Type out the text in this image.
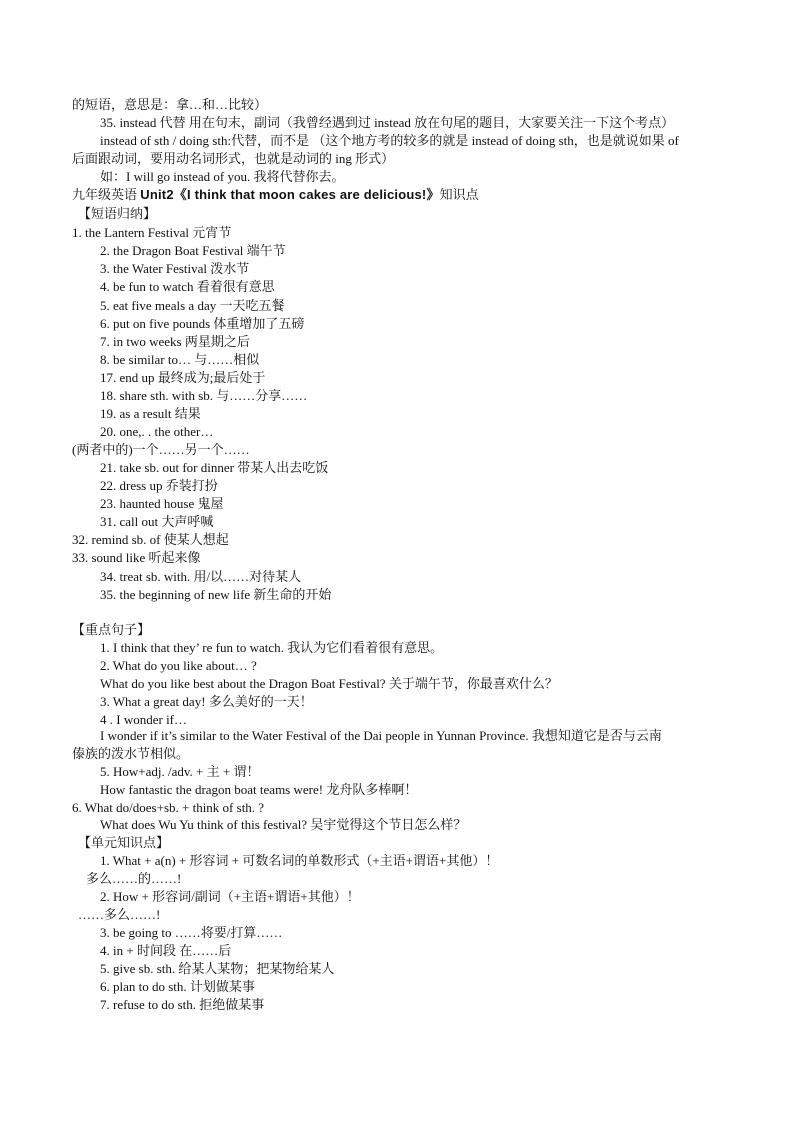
的短语，意思是：拿…和…比较）
35. instead 代替 用在句末，副词（我曾经遇到过 instead 放在句尾的题目，大家要关注一下这个考点）
instead of sth / doing sth:代替，而不是 （这个地方考的较多的就是 instead of doing sth，也是就说如果 of
后面跟动词，要用动名词形式，也就是动词的 ing 形式）
如：I will go instead of you. 我将代替你去。
九年级英语 Unit2《I think that moon cakes are delicious!》知识点
【短语归纳】
1. the Lantern Festival 元宵节
2. the Dragon Boat Festival 端午节
3. the Water Festival 泼水节
4. be fun to watch 看着很有意思
5. eat five meals a day 一天吃五餐
6. put on five pounds 体重增加了五磅
7. in two weeks 两星期之后
8. be similar to… 与……相似
17. end up 最终成为;最后处于
18. share sth. with sb. 与……分享……
19. as a result 结果
20. one,. . the other…
(两者中的)一个……另一个……
21. take sb. out for dinner 带某人出去吃饭
22. dress up 乔装打扮
23. haunted house 鬼屋
31. call out 大声呼喊
32. remind sb. of 使某人想起
33. sound like 听起来像
34. treat sb. with. 用/以……对待某人
35. the beginning of new life 新生命的开始
【重点句子】
1. I think that they’ re fun to watch. 我认为它们看着很有意思。
2. What do you like about… ?
What do you like best about the Dragon Boat Festival? 关于端午节，你最喜欢什么？
3. What a great day! 多么美好的一天！
4 . I wonder if…
I wonder if it’s similar to the Water Festival of the Dai people in Yunnan Province. 我想知道它是否与云南
傣族的泼水节相似。
5. How+adj. /adv. + 主 + 谓！
How fantastic the dragon boat teams were! 龙舟队多棒啊！
6. What do/does+sb. + think of sth. ?
What does Wu Yu think of this festival? 吴宇觉得这个节日怎么样？
【单元知识点】
1. What + a(n) + 形容词 + 可数名词的单数形式（+主语+谓语+其他）！
多么……的……!
2. How + 形容词/副词（+主语+谓语+其他）！
……多么……!
3. be going to ……将要/打算……
4. in + 时间段 在……后
5. give sb. sth. 给某人某物；把某物给某人
6. plan to do sth. 计划做某事
7. refuse to do sth. 拒绝做某事
